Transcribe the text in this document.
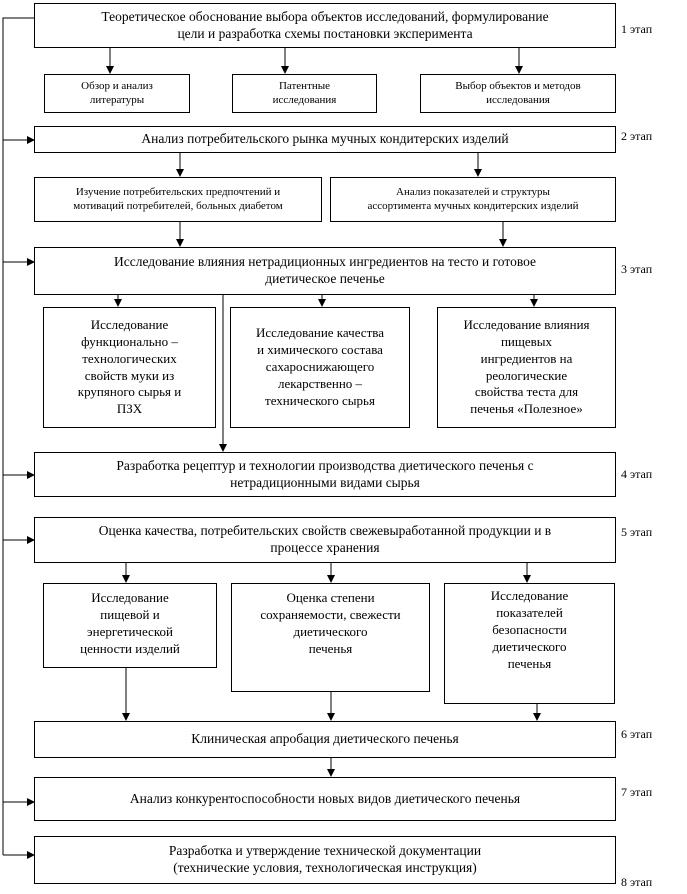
Теоретическое обоснование выбора объектов исследований, формулирование
цели и разработка схемы постановки эксперимента
Обзор и анализ
литературы
Патентные
исследования
Выбор объектов и методов
исследования
Анализ потребительского рынка мучных кондитерских изделий
Изучение потребительских предпочтений и
мотиваций потребителей, больных диабетом
Анализ показателей и структуры
ассортимента мучных кондитерских изделий
Исследование влияния нетрадиционных ингредиентов на тесто и готовое
диетическое печенье
Исследование
функционально –
технологических
свойств муки из
крупяного сырья и
ПЗХ
Исследование качества
и химического состава
сахароснижающего
лекарственно –
технического сырья
Исследование влияния
пищевых
ингредиентов на
реологические
свойства теста для
печенья «Полезное»
Разработка рецептур и технологии производства диетического печенья с
нетрадиционными видами сырья
Оценка качества, потребительских свойств свежевыработанной продукции и в
процессе хранения
Исследование
пищевой и
энергетической
ценности изделий
Оценка степени
сохраняемости, свежести
диетического
печенья
Исследование
показателей
безопасности
диетического
печенья
Клиническая апробация диетического печенья
Анализ конкурентоспособности новых видов диетического печенья
Разработка и утверждение технической документации
(технические условия, технологическая инструкция)
1 этап
2 этап
3 этап
4 этап
5 этап
6 этап
7 этап
8 этап
